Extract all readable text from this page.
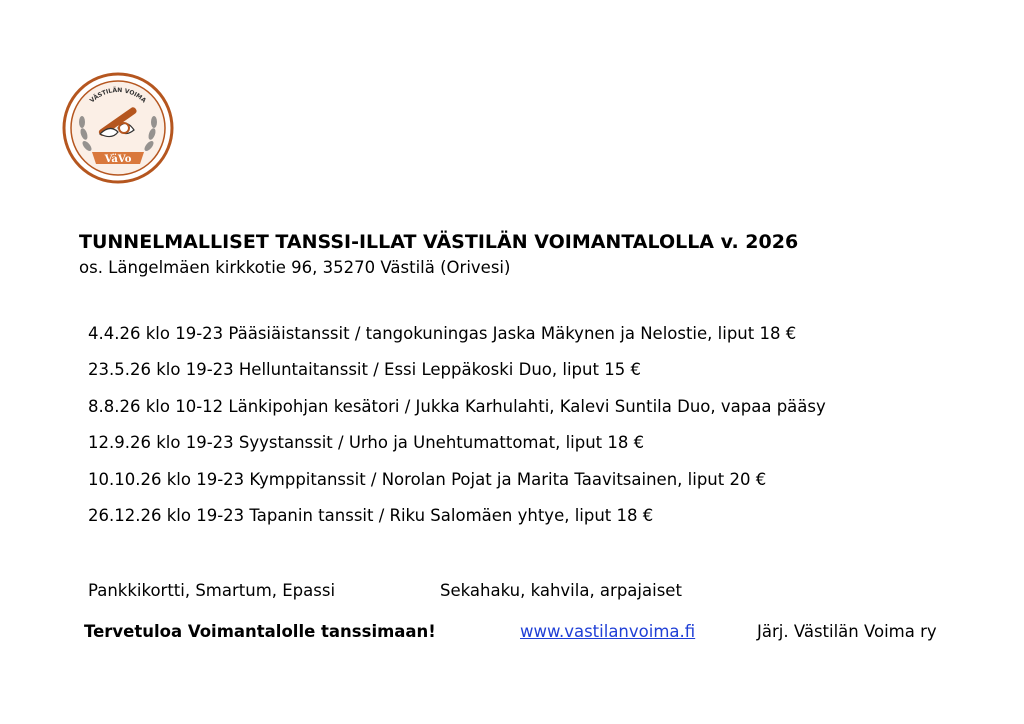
VÄSTILÄN VOIMA
VäVo
TUNNELMALLISET TANSSI-ILLAT VÄSTILÄN VOIMANTALOLLA v. 2026
os. Längelmäen kirkkotie 96, 35270 Västilä (Orivesi)
4.4.26 klo 19-23 Pääsiäistanssit / tangokuningas Jaska Mäkynen ja Nelostie, liput 18 €
23.5.26 klo 19-23 Helluntaitanssit / Essi Leppäkoski Duo, liput 15 €
8.8.26 klo 10-12 Länkipohjan kesätori / Jukka Karhulahti, Kalevi Suntila Duo, vapaa pääsy
12.9.26 klo 19-23 Syystanssit / Urho ja Unehtumattomat, liput 18 €
10.10.26 klo 19-23 Kymppitanssit / Norolan Pojat ja Marita Taavitsainen, liput 20 €
26.12.26 klo 19-23 Tapanin tanssit / Riku Salomäen yhtye, liput 18 €
Pankkikortti, Smartum, Epassi	Sekahaku, kahvila, arpajaiset
Tervetuloa Voimantalolle tanssimaan!	www.vastilanvoima.fi	Järj. Västilän Voima ry
